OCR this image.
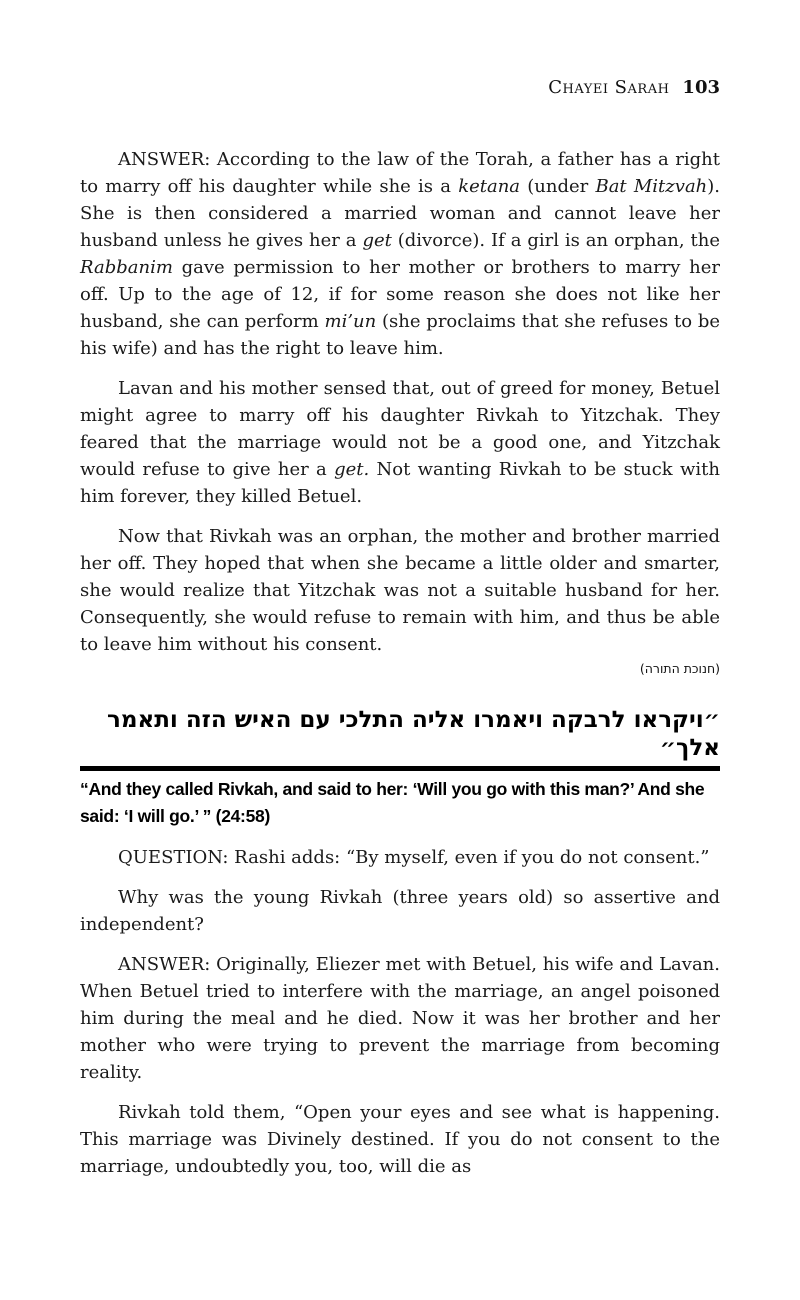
Chayei Sarah 103

ANSWER: According to the law of the Torah, a father has a right to marry off his daughter while she is a ketana (under Bat Mitzvah). She is then considered a married woman and cannot leave her husband unless he gives her a get (divorce). If a girl is an orphan, the Rabbanim gave permission to her mother or brothers to marry her off. Up to the age of 12, if for some reason she does not like her husband, she can perform mi’un (she proclaims that she refuses to be his wife) and has the right to leave him.

Lavan and his mother sensed that, out of greed for money, Betuel might agree to marry off his daughter Rivkah to Yitzchak. They feared that the marriage would not be a good one, and Yitzchak would refuse to give her a get. Not wanting Rivkah to be stuck with him forever, they killed Betuel.

Now that Rivkah was an orphan, the mother and brother married her off. They hoped that when she became a little older and smarter, she would realize that Yitzchak was not a suitable husband for her. Consequently, she would refuse to remain with him, and thus be able to leave him without his consent.

(חנוכת התורה)
״ויקראו לרבקה ויאמרו אליה התלכי עם האיש הזה ותאמר אלך״
“And they called Rivkah, and said to her: ‘Will you go with this man?’ And she said: ‘I will go.’ ” (24:58)

QUESTION: Rashi adds: “By myself, even if you do not consent.”

Why was the young Rivkah (three years old) so assertive and independent?

ANSWER: Originally, Eliezer met with Betuel, his wife and Lavan. When Betuel tried to interfere with the marriage, an angel poisoned him during the meal and he died. Now it was her brother and her mother who were trying to prevent the marriage from becoming reality.

Rivkah told them, “Open your eyes and see what is happening. This marriage was Divinely destined. If you do not consent to the marriage, undoubtedly you, too, will die as
